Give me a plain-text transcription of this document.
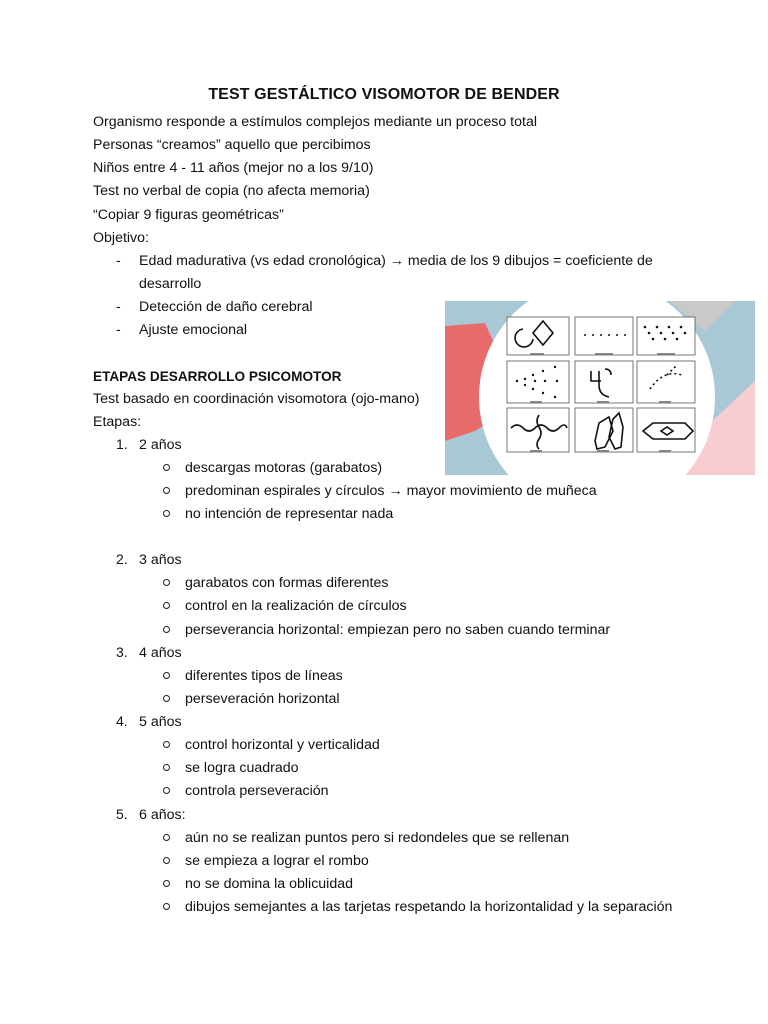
TEST GESTÁLTICO VISOMOTOR DE BENDER
Organismo responde a estímulos complejos mediante un proceso total
Personas “creamos” aquello que percibimos
Niños entre 4 - 11 años (mejor no a los 9/10)
Test no verbal de copia (no afecta memoria)
“Copiar 9 figuras geométricas”
Objetivo:
- Edad madurativa (vs edad cronológica) → media de los 9 dibujos = coeficiente de
desarrollo
- Detección de daño cerebral
- Ajuste emocional
ETAPAS DESARROLLO PSICOMOTOR
Test basado en coordinación visomotora (ojo-mano)
Etapas:
1. 2 años
descargas motoras (garabatos)
predominan espirales y círculos → mayor movimiento de muñeca
no intención de representar nada
2. 3 años
garabatos con formas diferentes
control en la realización de círculos
perseverancia horizontal: empiezan pero no saben cuando terminar
3. 4 años
diferentes tipos de líneas
perseveración horizontal
4. 5 años
control horizontal y verticalidad
se logra cuadrado
controla perseveración
5. 6 años:
aún no se realizan puntos pero si redondeles que se rellenan
se empieza a lograr el rombo
no se domina la oblicuidad
dibujos semejantes a las tarjetas respetando la horizontalidad y la separación
